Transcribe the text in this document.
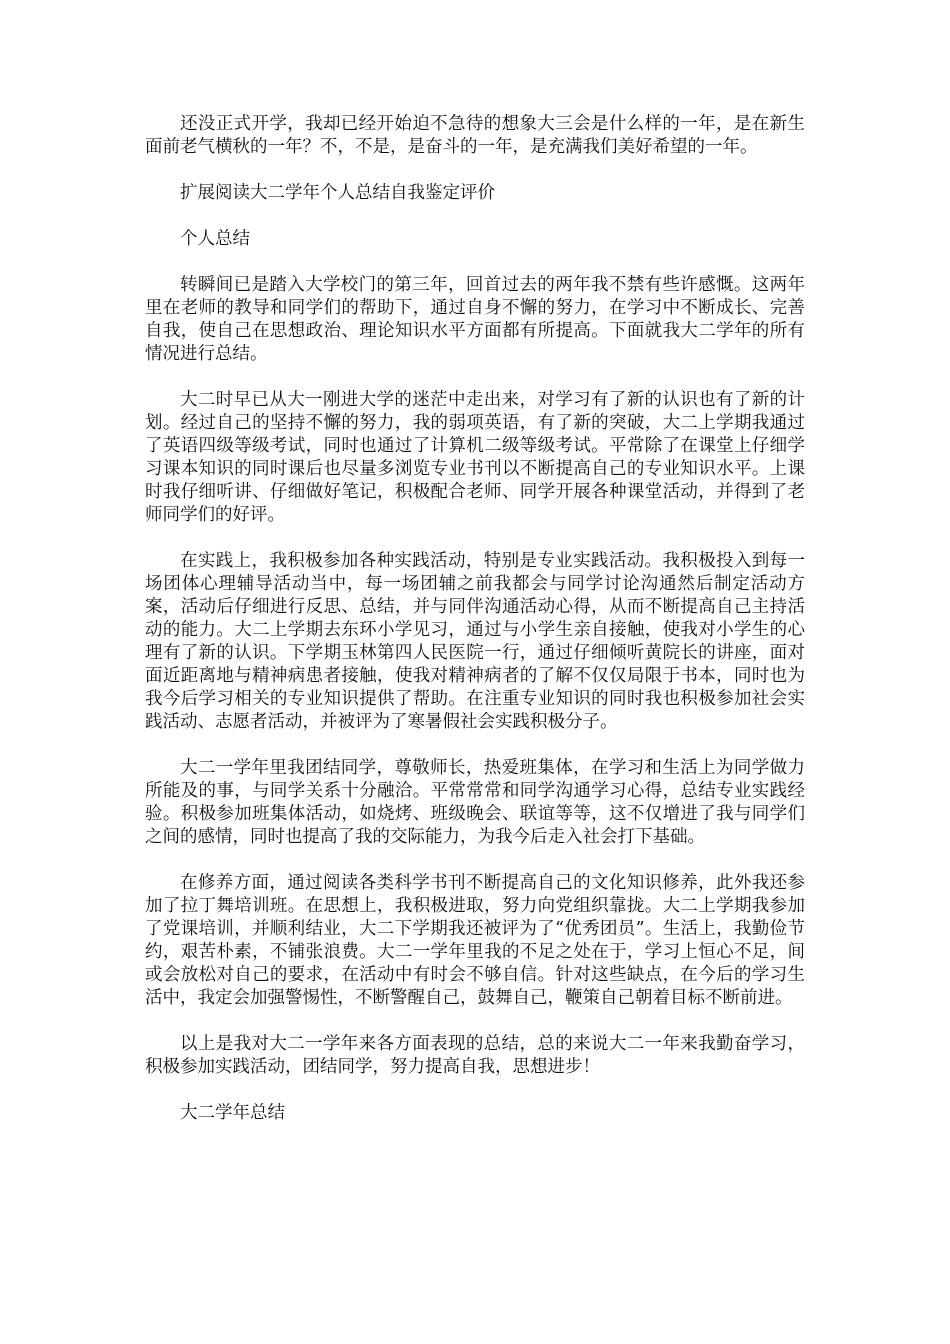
还没正式开学，我却已经开始迫不急待的想象大三会是什么样的一年，是在新生面前老气横秋的一年？不，不是，是奋斗的一年，是充满我们美好希望的一年。

扩展阅读大二学年个人总结自我鉴定评价

个人总结

转瞬间已是踏入大学校门的第三年，回首过去的两年我不禁有些许感慨。这两年里在老师的教导和同学们的帮助下，通过自身不懈的努力，在学习中不断成长、完善自我，使自己在思想政治、理论知识水平方面都有所提高。下面就我大二学年的所有情况进行总结。

大二时早已从大一刚进大学的迷茫中走出来，对学习有了新的认识也有了新的计划。经过自己的坚持不懈的努力，我的弱项英语，有了新的突破，大二上学期我通过了英语四级等级考试，同时也通过了计算机二级等级考试。平常除了在课堂上仔细学习课本知识的同时课后也尽量多浏览专业书刊以不断提高自己的专业知识水平。上课时我仔细听讲、仔细做好笔记，积极配合老师、同学开展各种课堂活动，并得到了老师同学们的好评。

在实践上，我积极参加各种实践活动，特别是专业实践活动。我积极投入到每一场团体心理辅导活动当中，每一场团辅之前我都会与同学讨论沟通然后制定活动方案，活动后仔细进行反思、总结，并与同伴沟通活动心得，从而不断提高自己主持活动的能力。大二上学期去东环小学见习，通过与小学生亲自接触，使我对小学生的心理有了新的认识。下学期玉林第四人民医院一行，通过仔细倾听黄院长的讲座，面对面近距离地与精神病患者接触，使我对精神病者的了解不仅仅局限于书本，同时也为我今后学习相关的专业知识提供了帮助。在注重专业知识的同时我也积极参加社会实践活动、志愿者活动，并被评为了寒暑假社会实践积极分子。

大二一学年里我团结同学，尊敬师长，热爱班集体，在学习和生活上为同学做力所能及的事，与同学关系十分融洽。平常常常和同学沟通学习心得，总结专业实践经验。积极参加班集体活动，如烧烤、班级晚会、联谊等等，这不仅增进了我与同学们之间的感情，同时也提高了我的交际能力，为我今后走入社会打下基础。

在修养方面，通过阅读各类科学书刊不断提高自己的文化知识修养，此外我还参加了拉丁舞培训班。在思想上，我积极进取，努力向党组织靠拢。大二上学期我参加了党课培训，并顺利结业，大二下学期我还被评为了“优秀团员”。生活上，我勤俭节约，艰苦朴素，不铺张浪费。大二一学年里我的不足之处在于，学习上恒心不足，间或会放松对自己的要求，在活动中有时会不够自信。针对这些缺点，在今后的学习生活中，我定会加强警惕性，不断警醒自己，鼓舞自己，鞭策自己朝着目标不断前进。

以上是我对大二一学年来各方面表现的总结，总的来说大二一年来我勤奋学习，积极参加实践活动，团结同学，努力提高自我，思想进步！

大二学年总结
